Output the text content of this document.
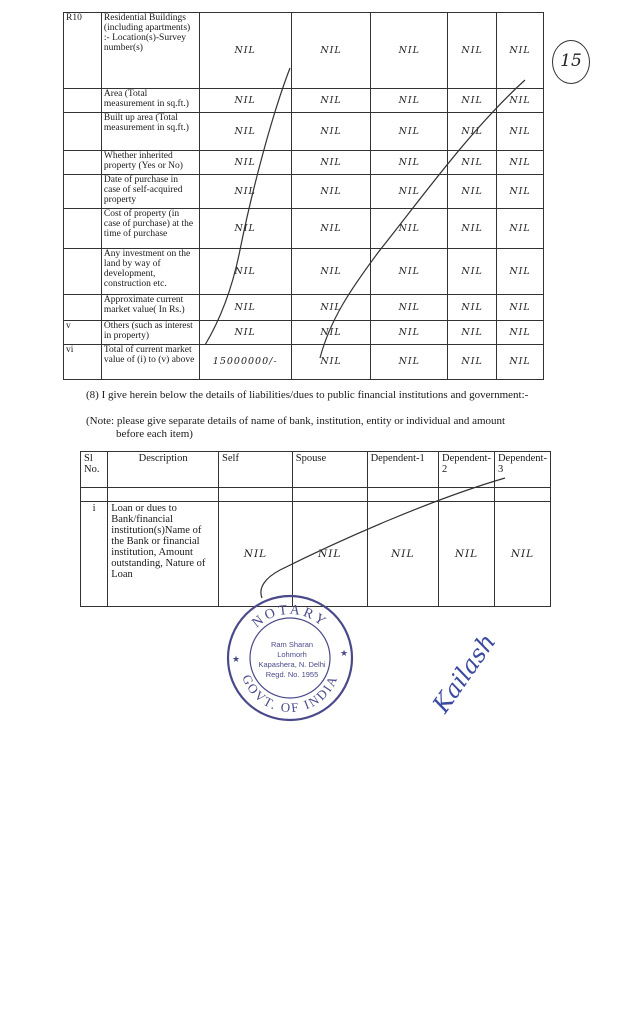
R10	Residential Buildings (including apartments) :- Location(s)-Survey number(s)	NIL	NIL	NIL	NIL	NIL
	Area (Total measurement in sq.ft.)	NIL	NIL	NIL	NIL	NIL
	Built up area (Total measurement in sq.ft.)	NIL	NIL	NIL	NIL	NIL
	Whether inherited property (Yes or No)	NIL	NIL	NIL	NIL	NIL
	Date of purchase in case of self-acquired property	NIL	NIL	NIL	NIL	NIL
	Cost of property (in case of purchase) at the time of purchase	NIL	NIL	NIL	NIL	NIL
	Any investment on the land by way of development, construction etc.	NIL	NIL	NIL	NIL	NIL
	Approximate current market value( In Rs.)	NIL	NIL	NIL	NIL	NIL
v	Others (such as interest in property)	NIL	NIL	NIL	NIL	NIL
vi	Total of current market value of (i) to (v) above	15000000/-	NIL	NIL	NIL	NIL
15
(8) I give herein below the details of liabilities/dues to public financial institutions and government:-
(Note: please give separate details of name of bank, institution, entity or individual and amount
before each item)
Sl No.	Description	Self	Spouse	Dependent-1	Dependent-2	Dependent-3

i	Loan or dues to Bank/financial institution(s)Name of the Bank or financial institution, Amount outstanding, Nature of Loan	NIL	NIL	NIL	NIL	NIL
NOTARY
GOVT. OF INDIA
★
★
Ram Sharan Lohmorh
Kapashera, N. Delhi
Regd. No. 1955	Kailash
